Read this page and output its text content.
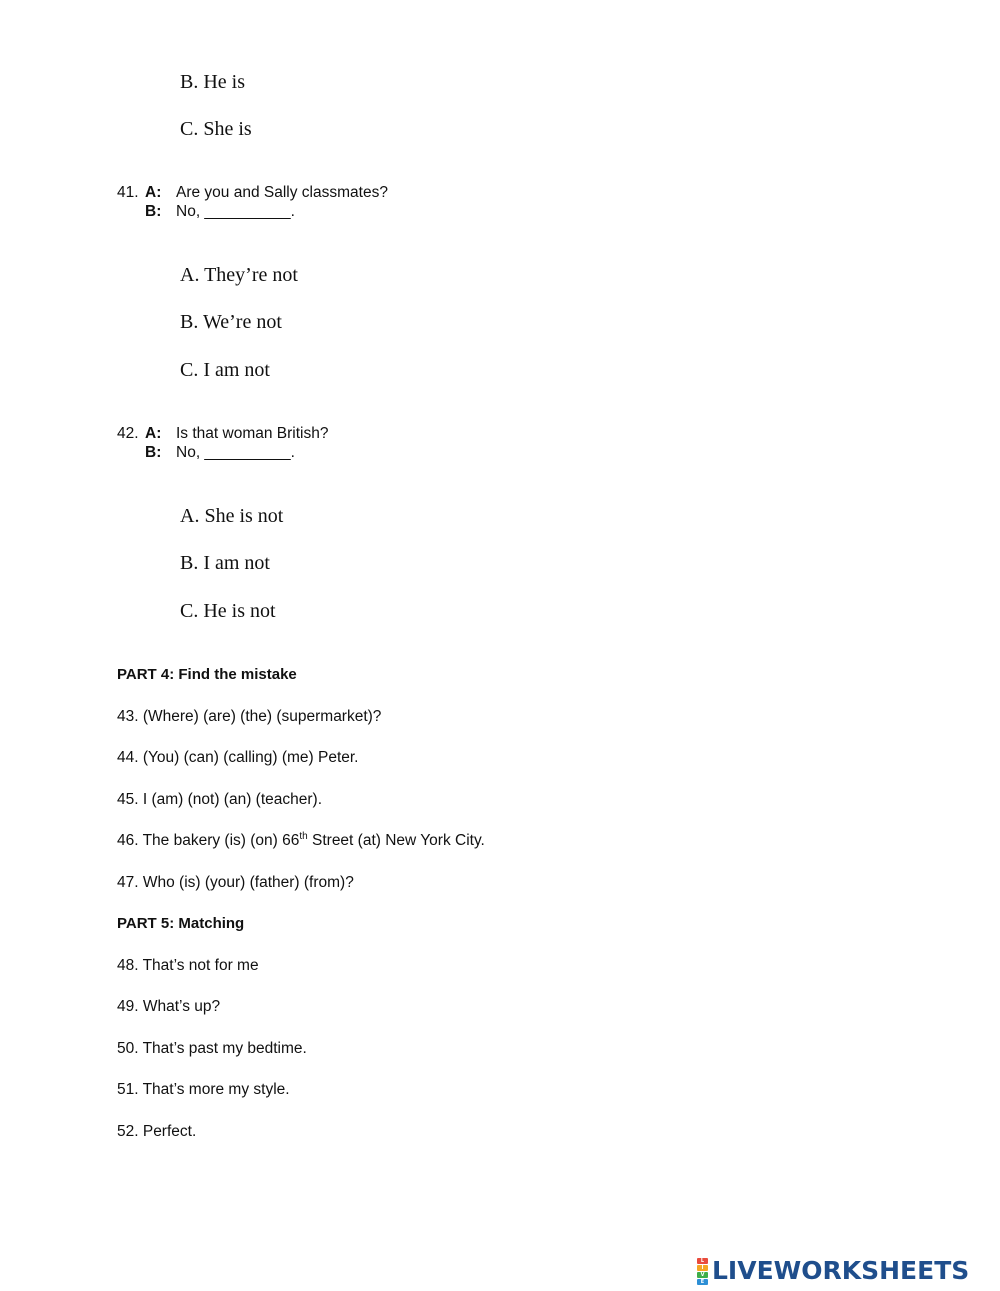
B. He is
C. She is
41. A: Are you and Sally classmates?
B: No, __________.
A. They’re not
B. We’re not
C. I am not
42. A: Is that woman British?
B: No, __________.
A. She is not
B. I am not
C. He is not
PART 4: Find the mistake
43. (Where) (are) (the) (supermarket)?
44. (You) (can) (calling) (me) Peter.
45. I (am) (not) (an) (teacher).
46. The bakery (is) (on) 66th Street (at) New York City.
47. Who (is) (your) (father) (from)?
PART 5: Matching
48. That’s not for me
49. What’s up?
50. That’s past my bedtime.
51. That’s more my style.
52. Perfect.
L
I
V
E LIVEWORKSHEETS
